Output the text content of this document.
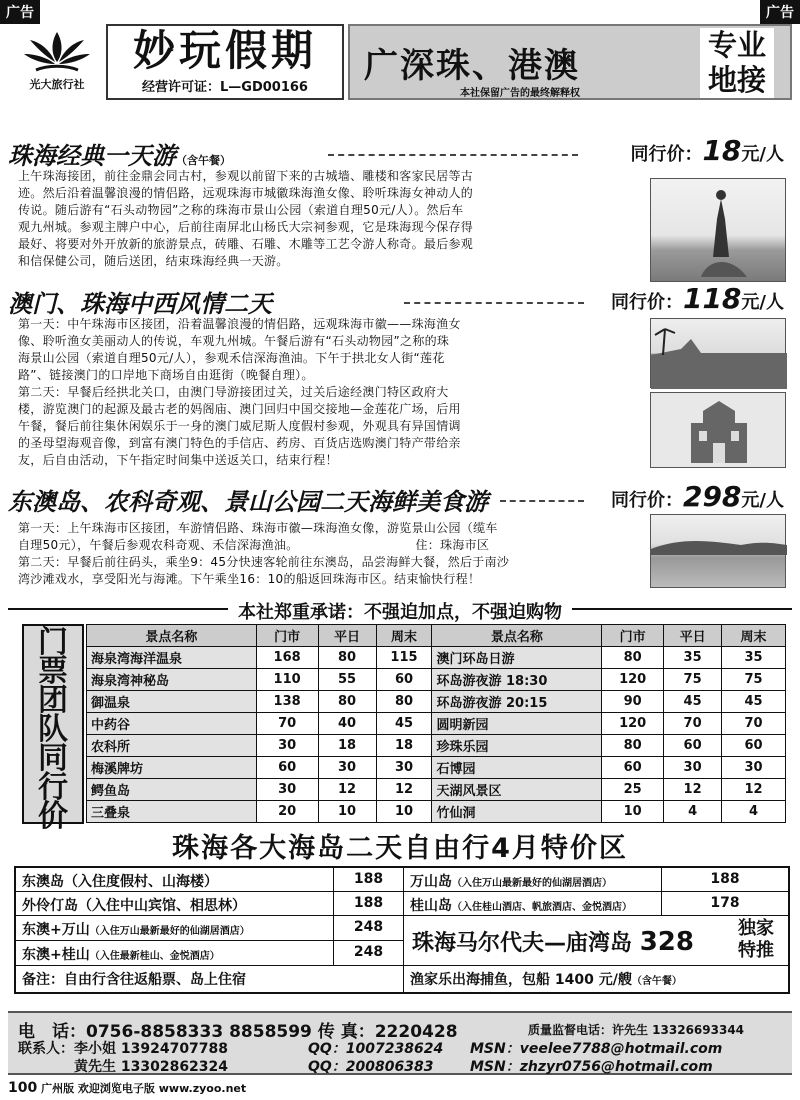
广告	广告
光大旅行社
妙玩假期
经营许可证：L—GD00166
广深珠、港澳
本社保留广告的最终解释权
专业地接
珠海经典一天游（含午餐）	同行价：18元/人
上午珠海接团，前往金鼎会同古村，参观以前留下来的古城墙、雕楼和客家民居等古
迹。然后沿着温馨浪漫的情侣路，远观珠海市城徽珠海渔女像、聆听珠海女神动人的
传说。随后游有“石头动物园”之称的珠海市景山公园（索道自理50元/人）。然后车
观九州城。参观主牌户中心，后前往南屏北山杨氏大宗祠参观，它是珠海现今保存得
最好、将要对外开放新的旅游景点，砖雕、石雕、木雕等工艺令游人称奇。最后参观
和信保健公司，随后送团，结束珠海经典一天游。
澳门、珠海中西风情二天	同行价：118元/人
第一天：中午珠海市区接团，沿着温馨浪漫的情侣路，远观珠海市徽——珠海渔女
像、聆听渔女美丽动人的传说，车观九州城。午餐后游有“石头动物园”之称的珠
海景山公园（索道自理50元/人），参观禾信深海渔油。下午于拱北女人街“莲花
路”、链接澳门的口岸地下商场自由逛街（晚餐自理）。
第二天：早餐后经拱北关口，由澳门导游接团过关，过关后途经澳门特区政府大
楼，游览澳门的起源及最古老的妈阁庙、澳门回归中国交接地—金莲花广场，后用
午餐，餐后前往集休闲娱乐于一身的澳门威尼斯人度假村参观，外观具有异国情调
的圣母望海观音像，到富有澳门特色的手信店、药房、百货店选购澳门特产带给亲
友，后自由活动，下午指定时间集中送返关口，结束行程！
东澳岛、农科奇观、景山公园二天海鲜美食游	同行价：298元/人
第一天：上午珠海市区接团，车游情侣路、珠海市徽—珠海渔女像，游览景山公园（缆车
自理50元），午餐后参观农科奇观、禾信深海渔油。　　　　　　　　　　住：珠海市区
第二天：早餐后前往码头，乘坐9：45分快速客轮前往东澳岛，品尝海鲜大餐，然后于南沙
湾沙滩戏水，享受阳光与海滩。下午乘坐16：10的船返回珠海市区。结束愉快行程！
本社郑重承诺：不强迫加点，不强迫购物
门票团队同行价
景点名称	门市	平日	周末	景点名称	门市	平日	周末
海泉湾海洋温泉	168	80	115	澳门环岛日游	80	35	35
海泉湾神秘岛	110	55	60	环岛游夜游 18:30	120	75	75
御温泉	138	80	80	环岛游夜游 20:15	90	45	45
中药谷	70	40	45	圆明新园	120	70	70
农科所	30	18	18	珍珠乐园	80	60	60
梅溪牌坊	60	30	30	石博园	60	30	30
鳄鱼岛	30	12	12	天湖风景区	25	12	12
三叠泉	20	10	10	竹仙洞	10	4	4
珠海各大海岛二天自由行4月特价区
东澳岛（入住度假村、山海楼）	188	万山岛（入住万山最新最好的仙湖居酒店）	188
外伶仃岛（入住中山宾馆、相思林）	188	桂山岛（入住桂山酒店、帆旅酒店、金悦酒店）	178
东澳+万山（入住万山最新最好的仙湖居酒店）	248
东澳+桂山（入住最新桂山、金悦酒店）	248	珠海马尔代夫—庙湾岛 328	独家特推
备注：自由行含往返船票、岛上住宿	渔家乐出海捕鱼，包船 1400 元/艘（含午餐）
电　话：0756-8858333 8858599 传 真：2220428	质量监督电话：许先生 13326693344
联系人：李小姐 13924707788	QQ：1007238624 MSN：veelee7788@hotmail.com
黄先生 13302862324	QQ：200806383	MSN：zhzyr0756@hotmail.com
100 广州版 欢迎浏览电子版 www.zyoo.net
